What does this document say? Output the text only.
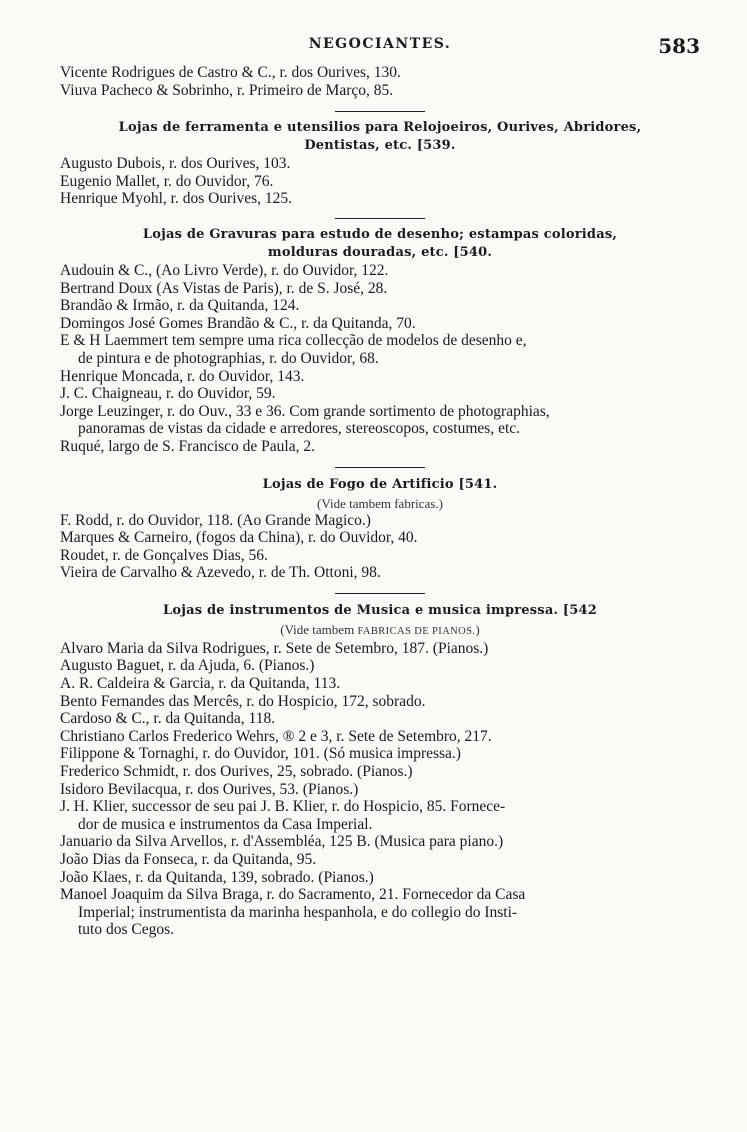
NEGOCIANTES.	583
Vicente Rodrigues de Castro & C., r. dos Ourives, 130.
Viuva Pacheco & Sobrinho, r. Primeiro de Março, 85.
Lojas de ferramenta e utensilios para Relojoeiros, Ourives, Abridores,
Dentistas, etc. [539.
Augusto Dubois, r. dos Ourives, 103.
Eugenio Mallet, r. do Ouvidor, 76.
Henrique Myohl, r. dos Ourives, 125.
Lojas de Gravuras para estudo de desenho; estampas coloridas,
molduras douradas, etc. [540.
Audouin & C., (Ao Livro Verde), r. do Ouvidor, 122.
Bertrand Doux (As Vistas de Paris), r. de S. José, 28.
Brandão & Irmão, r. da Quitanda, 124.
Domingos José Gomes Brandão & C., r. da Quitanda, 70.
E & H Laemmert tem sempre uma rica collecção de modelos de desenho e,
de pintura e de photographias, r. do Ouvidor, 68.
Henrique Moncada, r. do Ouvidor, 143.
J. C. Chaigneau, r. do Ouvidor, 59.
Jorge Leuzinger, r. do Ouv., 33 e 36. Com grande sortimento de photographias,
panoramas de vistas da cidade e arredores, stereoscopos, costumes, etc.
Ruqué, largo de S. Francisco de Paula, 2.
Lojas de Fogo de Artificio [541.
(Vide tambem fabricas.)
F. Rodd, r. do Ouvidor, 118. (Ao Grande Magico.)
Marques & Carneiro, (fogos da China), r. do Ouvidor, 40.
Roudet, r. de Gonçalves Dias, 56.
Vieira de Carvalho & Azevedo, r. de Th. Ottoni, 98.
Lojas de instrumentos de Musica e musica impressa. [542
(Vide tambem FABRICAS DE PIANOS.)
Alvaro Maria da Silva Rodrigues, r. Sete de Setembro, 187. (Pianos.)
Augusto Baguet, r. da Ajuda, 6. (Pianos.)
A. R. Caldeira & Garcia, r. da Quitanda, 113.
Bento Fernandes das Mercês, r. do Hospicio, 172, sobrado.
Cardoso & C., r. da Quitanda, 118.
Christiano Carlos Frederico Wehrs, ® 2 e 3, r. Sete de Setembro, 217.
Filippone & Tornaghi, r. do Ouvidor, 101. (Só musica impressa.)
Frederico Schmidt, r. dos Ourives, 25, sobrado. (Pianos.)
Isidoro Bevilacqua, r. dos Ourives, 53. (Pianos.)
J. H. Klier, successor de seu pai J. B. Klier, r. do Hospicio, 85. Fornece-
dor de musica e instrumentos da Casa Imperial.
Januario da Silva Arvellos, r. d'Assembléa, 125 B. (Musica para piano.)
João Dias da Fonseca, r. da Quitanda, 95.
João Klaes, r. da Quitanda, 139, sobrado. (Pianos.)
Manoel Joaquim da Silva Braga, r. do Sacramento, 21. Fornecedor da Casa
Imperial; instrumentista da marinha hespanhola, e do collegio do Insti-
tuto dos Cegos.
